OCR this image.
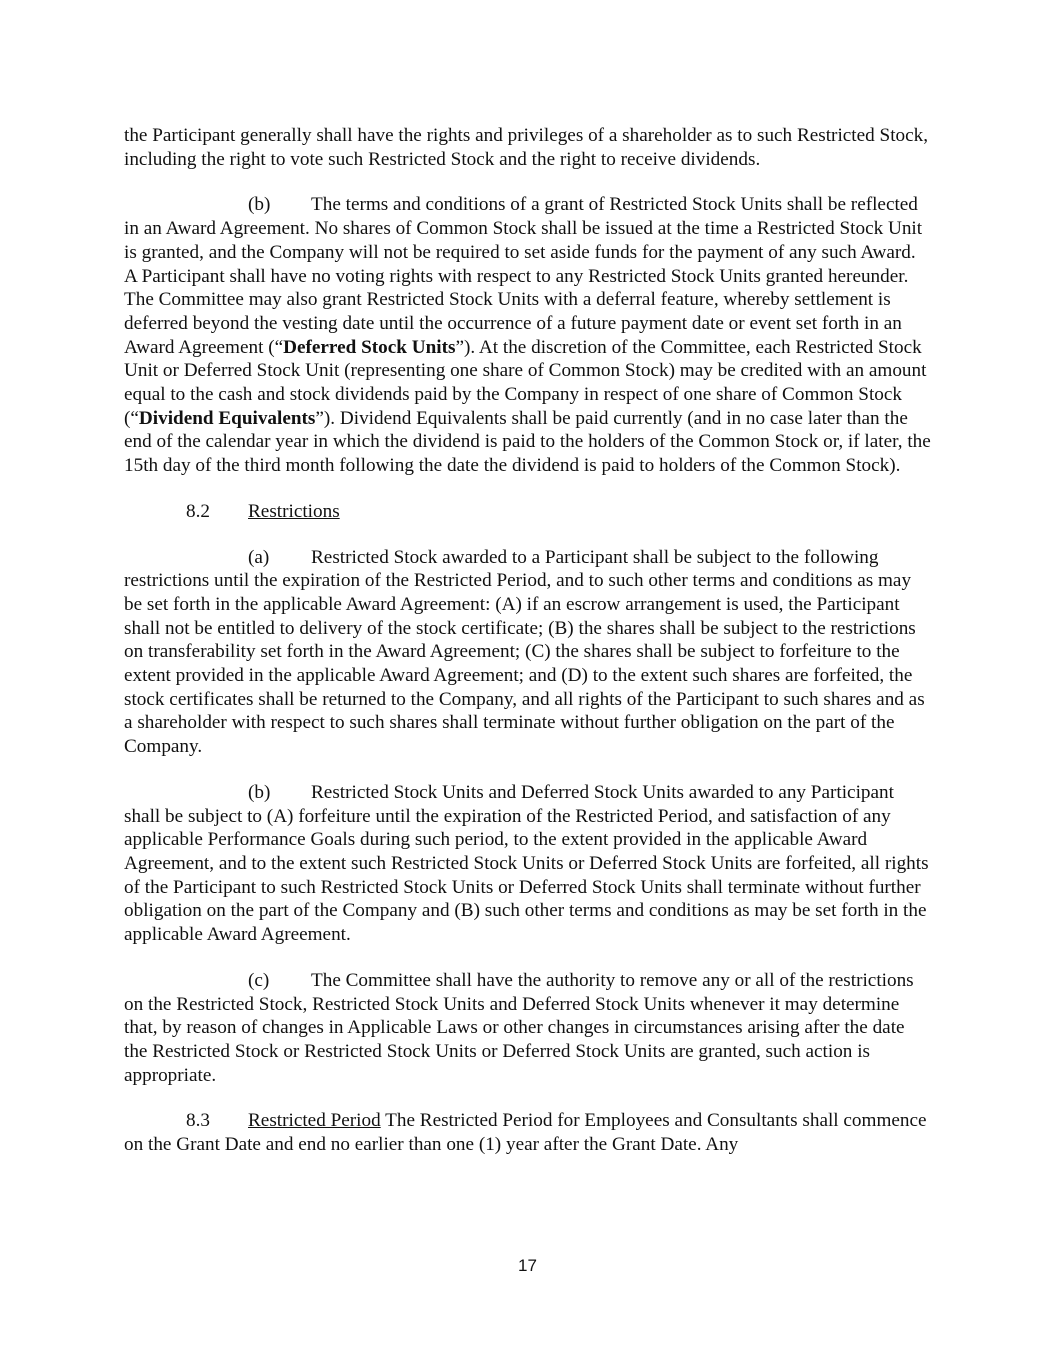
the Participant generally shall have the rights and privileges of a shareholder as to such Restricted Stock, including the right to vote such Restricted Stock and the right to receive dividends.

(b) The terms and conditions of a grant of Restricted Stock Units shall be reflected in an Award Agreement. No shares of Common Stock shall be issued at the time a Restricted Stock Unit is granted, and the Company will not be required to set aside funds for the payment of any such Award. A Participant shall have no voting rights with respect to any Restricted Stock Units granted hereunder. The Committee may also grant Restricted Stock Units with a deferral feature, whereby settlement is deferred beyond the vesting date until the occurrence of a future payment date or event set forth in an Award Agreement (“Deferred Stock Units”). At the discretion of the Committee, each Restricted Stock Unit or Deferred Stock Unit (representing one share of Common Stock) may be credited with an amount equal to the cash and stock dividends paid by the Company in respect of one share of Common Stock (“Dividend Equivalents”). Dividend Equivalents shall be paid currently (and in no case later than the end of the calendar year in which the dividend is paid to the holders of the Common Stock or, if later, the 15th day of the third month following the date the dividend is paid to holders of the Common Stock).

8.2 Restrictions

(a) Restricted Stock awarded to a Participant shall be subject to the following restrictions until the expiration of the Restricted Period, and to such other terms and conditions as may be set forth in the applicable Award Agreement: (A) if an escrow arrangement is used, the Participant shall not be entitled to delivery of the stock certificate; (B) the shares shall be subject to the restrictions on transferability set forth in the Award Agreement; (C) the shares shall be subject to forfeiture to the extent provided in the applicable Award Agreement; and (D) to the extent such shares are forfeited, the stock certificates shall be returned to the Company, and all rights of the Participant to such shares and as a shareholder with respect to such shares shall terminate without further obligation on the part of the Company.

(b) Restricted Stock Units and Deferred Stock Units awarded to any Participant shall be subject to (A) forfeiture until the expiration of the Restricted Period, and satisfaction of any applicable Performance Goals during such period, to the extent provided in the applicable Award Agreement, and to the extent such Restricted Stock Units or Deferred Stock Units are forfeited, all rights of the Participant to such Restricted Stock Units or Deferred Stock Units shall terminate without further obligation on the part of the Company and (B) such other terms and conditions as may be set forth in the applicable Award Agreement.

(c) The Committee shall have the authority to remove any or all of the restrictions on the Restricted Stock, Restricted Stock Units and Deferred Stock Units whenever it may determine that, by reason of changes in Applicable Laws or other changes in circumstances arising after the date the Restricted Stock or Restricted Stock Units or Deferred Stock Units are granted, such action is appropriate.

8.3 Restricted Period The Restricted Period for Employees and Consultants shall commence on the Grant Date and end no earlier than one (1) year after the Grant Date. Any

17
